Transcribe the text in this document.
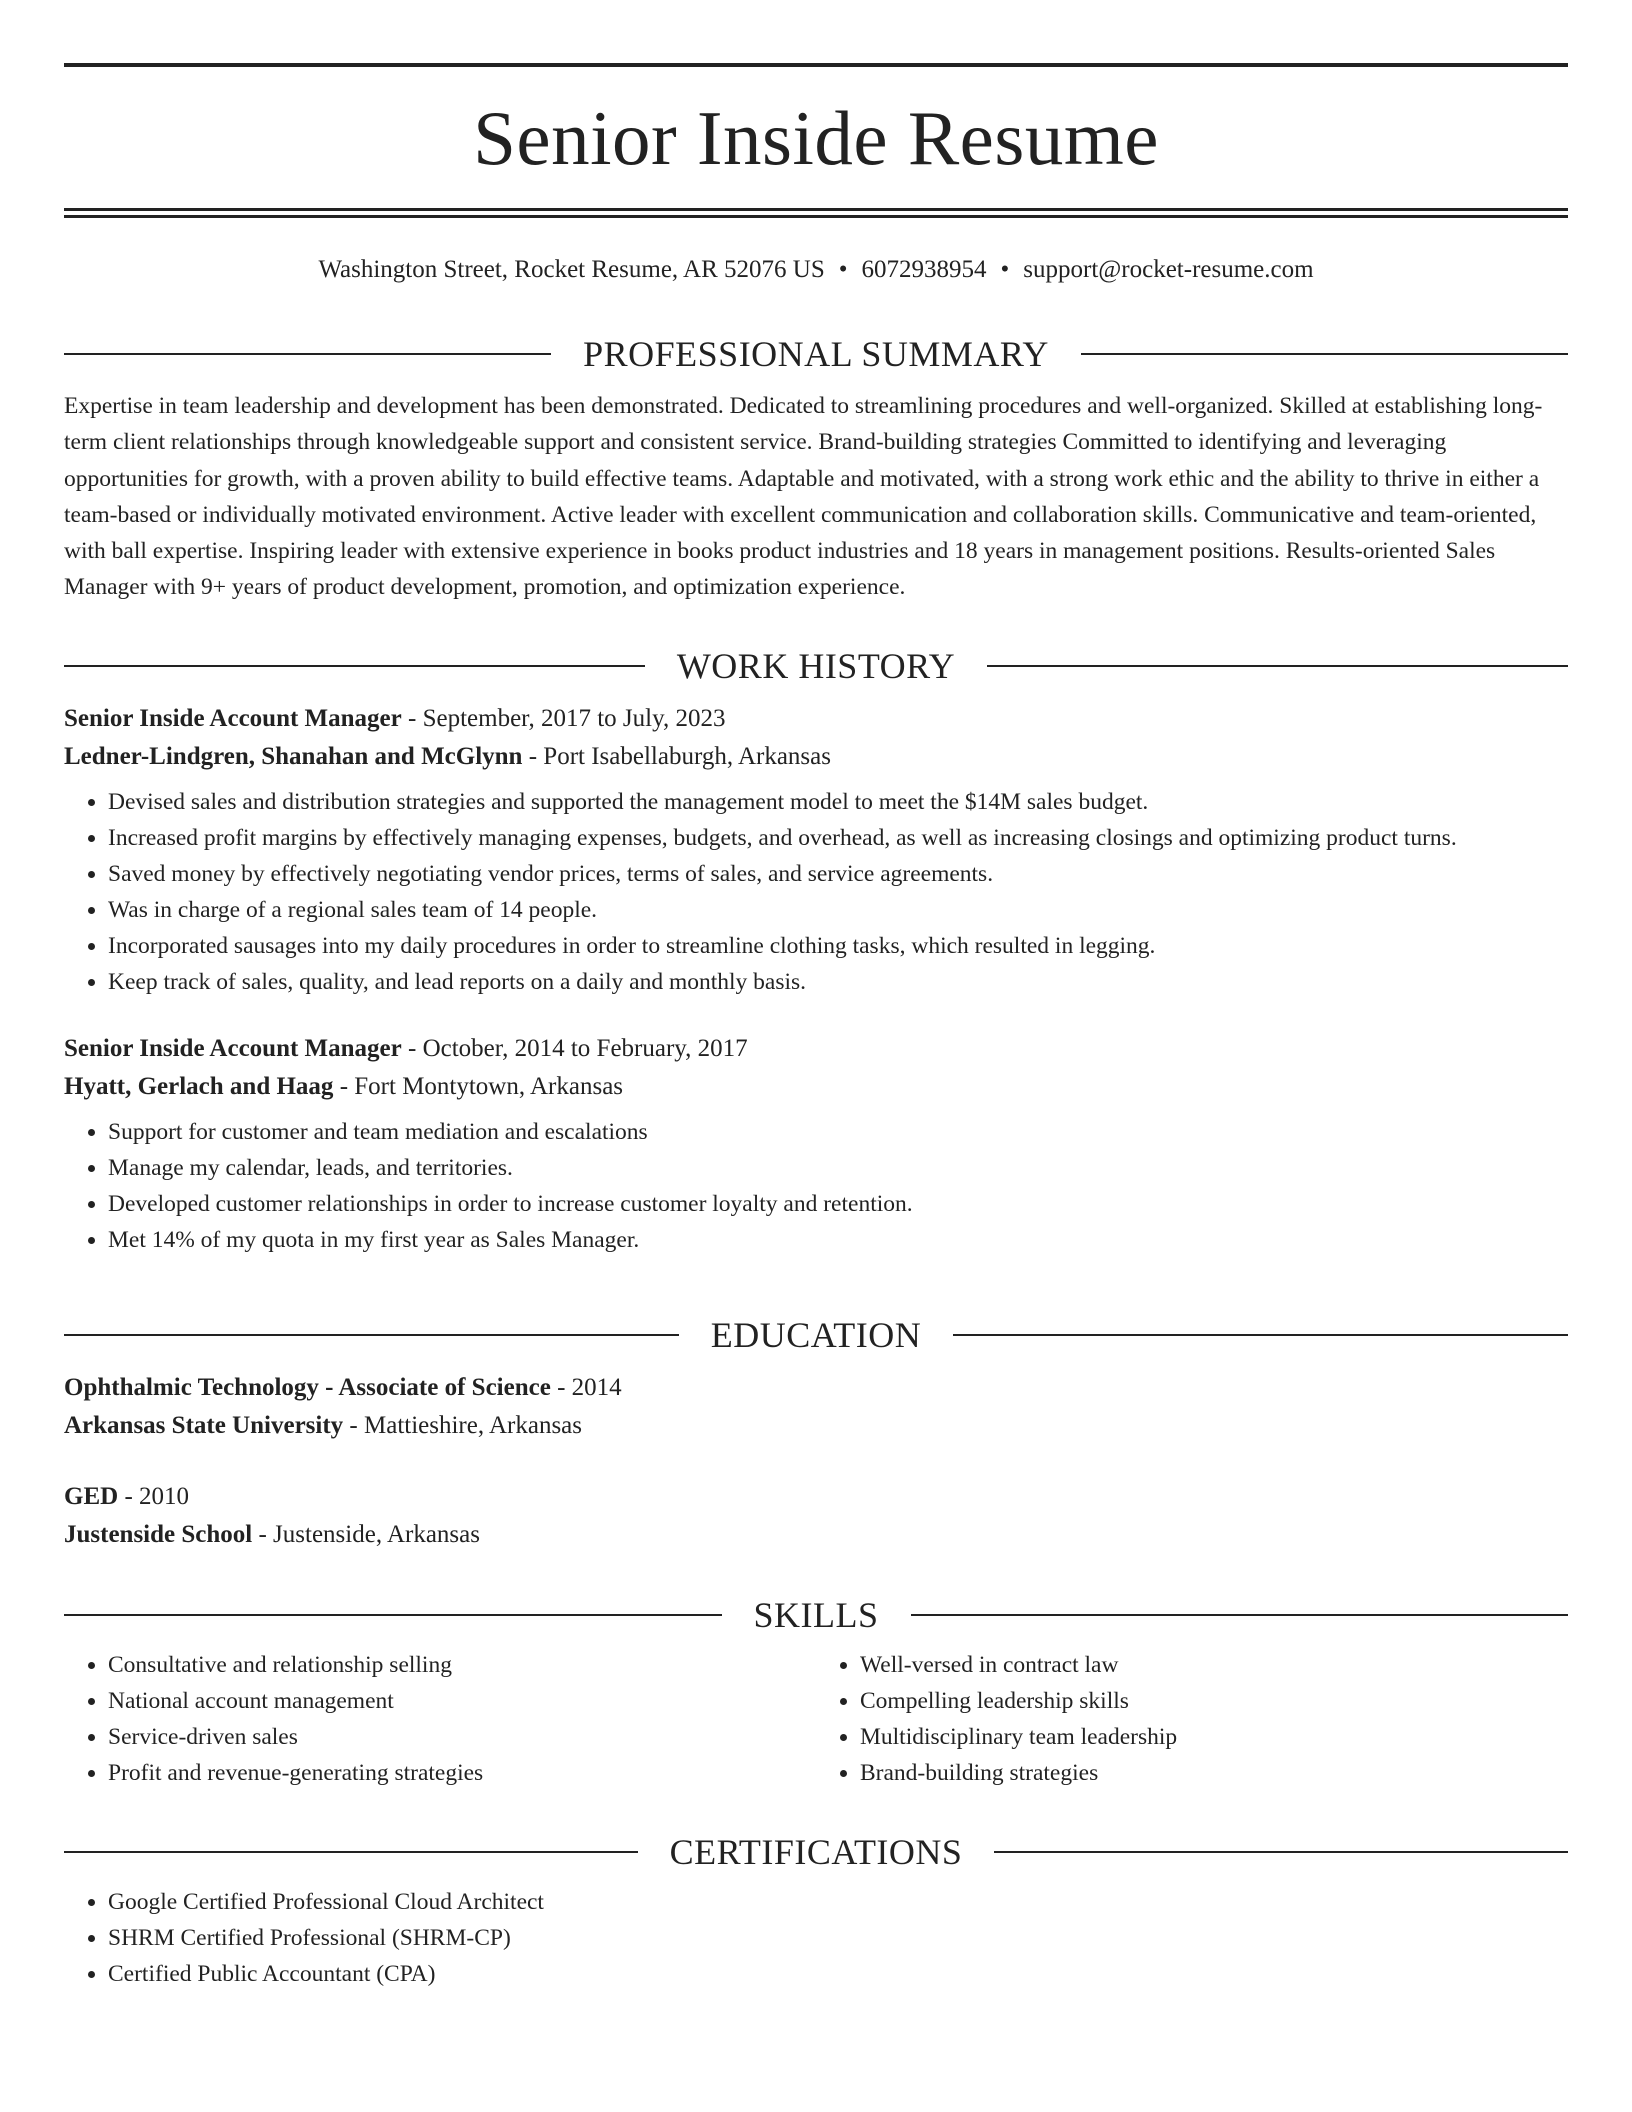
Senior Inside Resume
Washington Street, Rocket Resume, AR 52076 US • 6072938954 • support@rocket-resume.com
PROFESSIONAL SUMMARY

Expertise in team leadership and development has been demonstrated. Dedicated to streamlining procedures and well-organized. Skilled at establishing long-term client relationships through knowledgeable support and consistent service. Brand-building strategies Committed to identifying and leveraging opportunities for growth, with a proven ability to build effective teams. Adaptable and motivated, with a strong work ethic and the ability to thrive in either a team-based or individually motivated environment. Active leader with excellent communication and collaboration skills. Communicative and team-oriented, with ball expertise. Inspiring leader with extensive experience in books product industries and 18 years in management positions. Results-oriented Sales Manager with 9+ years of product development, promotion, and optimization experience.

WORK HISTORY
Senior Inside Account Manager - September, 2017 to July, 2023
Ledner-Lindgren, Shanahan and McGlynn - Port Isabellaburgh, Arkansas
• Devised sales and distribution strategies and supported the management model to meet the $14M sales budget.
• Increased profit margins by effectively managing expenses, budgets, and overhead, as well as increasing closings and optimizing product turns.
• Saved money by effectively negotiating vendor prices, terms of sales, and service agreements.
• Was in charge of a regional sales team of 14 people.
• Incorporated sausages into my daily procedures in order to streamline clothing tasks, which resulted in legging.
• Keep track of sales, quality, and lead reports on a daily and monthly basis.
Senior Inside Account Manager - October, 2014 to February, 2017
Hyatt, Gerlach and Haag - Fort Montytown, Arkansas
• Support for customer and team mediation and escalations
• Manage my calendar, leads, and territories.
• Developed customer relationships in order to increase customer loyalty and retention.
• Met 14% of my quota in my first year as Sales Manager.
EDUCATION
Ophthalmic Technology - Associate of Science - 2014
Arkansas State University - Mattieshire, Arkansas
GED - 2010
Justenside School - Justenside, Arkansas
SKILLS
• Consultative and relationship selling
• National account management
• Service-driven sales
• Profit and revenue-generating strategies
• Well-versed in contract law
• Compelling leadership skills
• Multidisciplinary team leadership
• Brand-building strategies
CERTIFICATIONS
• Google Certified Professional Cloud Architect
• SHRM Certified Professional (SHRM-CP)
• Certified Public Accountant (CPA)
